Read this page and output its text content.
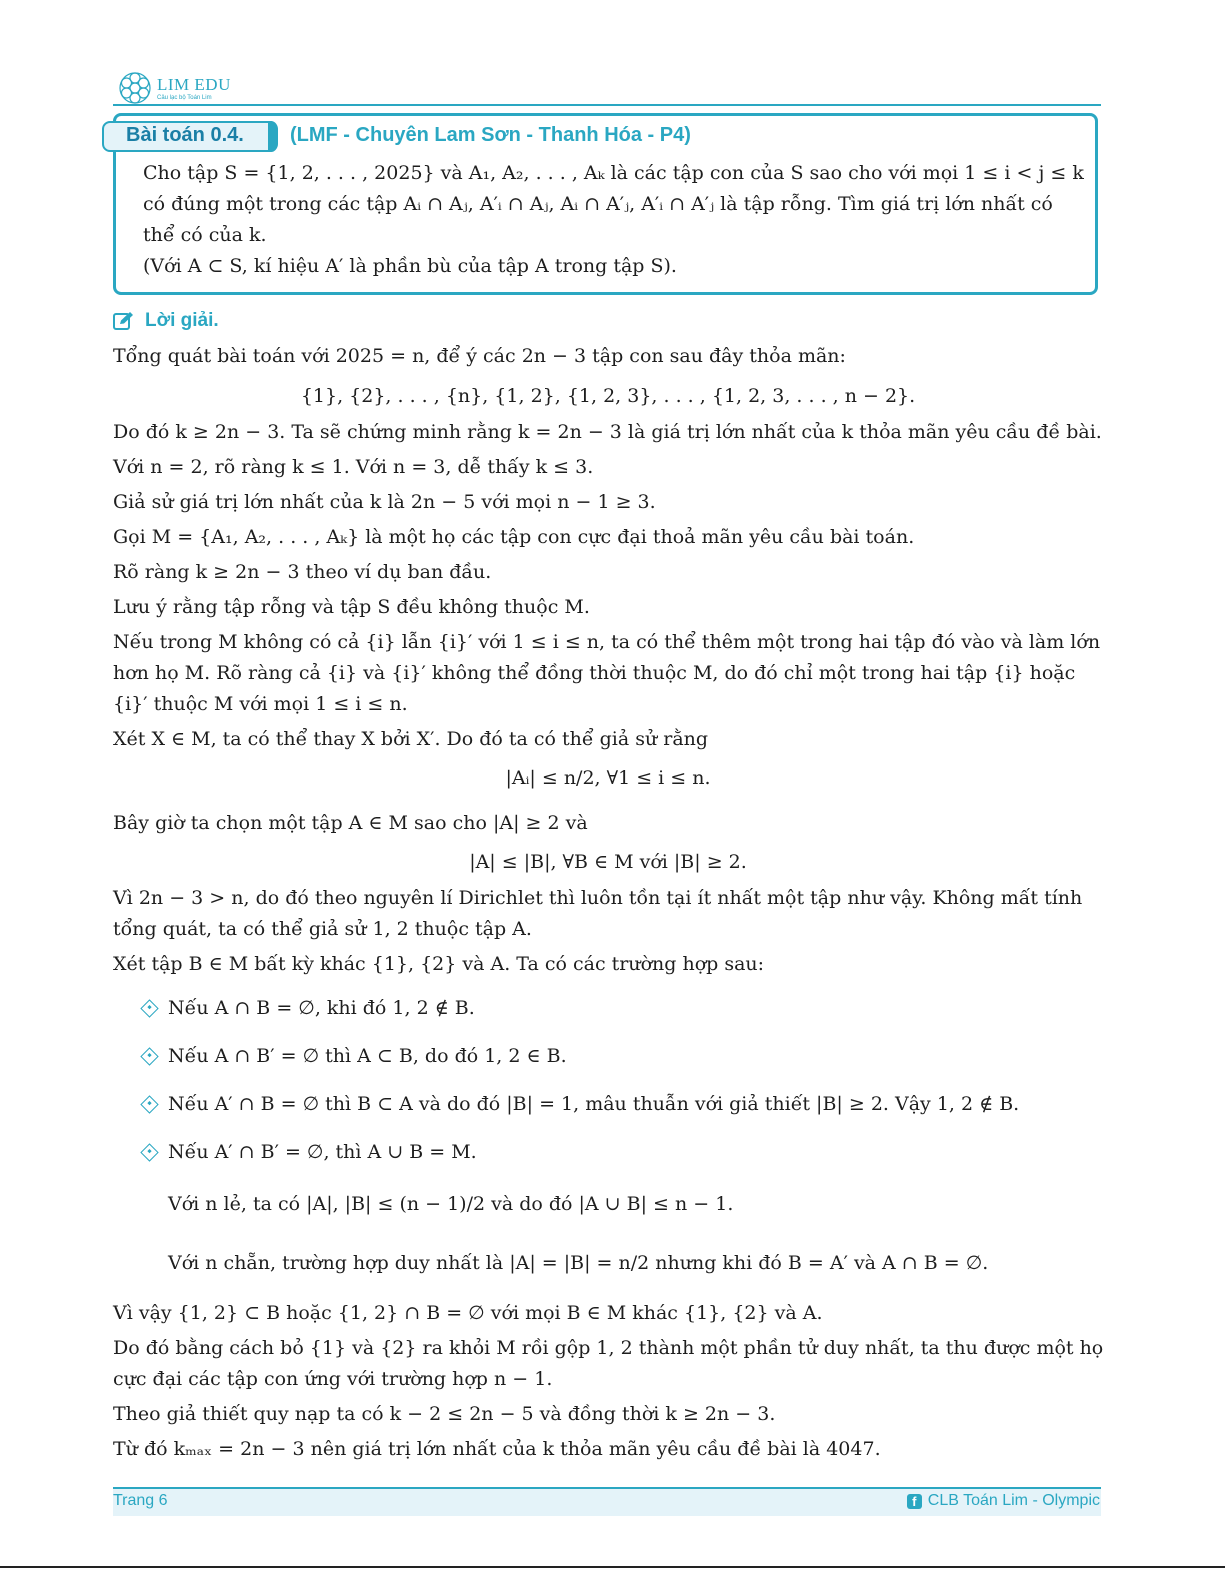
LIM EDU
Câu lạc bộ Toán Lim
Bài toán 0.4. (LMF - Chuyên Lam Sơn - Thanh Hóa - P4)
Cho tập S = {1, 2, . . . , 2025} và A₁, A₂, . . . , Aₖ là các tập con của S sao cho với mọi 1 ≤ i < j ≤ k
có đúng một trong các tập Aᵢ ∩ Aⱼ, A′ᵢ ∩ Aⱼ, Aᵢ ∩ A′ⱼ, A′ᵢ ∩ A′ⱼ là tập rỗng. Tìm giá trị lớn nhất có
thể có của k.
(Với A ⊂ S, kí hiệu A′ là phần bù của tập A trong tập S).
Lời giải.
Tổng quát bài toán với 2025 = n, để ý các 2n − 3 tập con sau đây thỏa mãn:
{1}, {2}, . . . , {n}, {1, 2}, {1, 2, 3}, . . . , {1, 2, 3, . . . , n − 2}.
Do đó k ≥ 2n − 3. Ta sẽ chứng minh rằng k = 2n − 3 là giá trị lớn nhất của k thỏa mãn yêu cầu đề bài.
Với n = 2, rõ ràng k ≤ 1. Với n = 3, dễ thấy k ≤ 3.
Giả sử giá trị lớn nhất của k là 2n − 5 với mọi n − 1 ≥ 3.
Gọi M = {A₁, A₂, . . . , Aₖ} là một họ các tập con cực đại thoả mãn yêu cầu bài toán.
Rõ ràng k ≥ 2n − 3 theo ví dụ ban đầu.
Lưu ý rằng tập rỗng và tập S đều không thuộc M.
Nếu trong M không có cả {i} lẫn {i}′ với 1 ≤ i ≤ n, ta có thể thêm một trong hai tập đó vào và làm lớn
hơn họ M. Rõ ràng cả {i} và {i}′ không thể đồng thời thuộc M, do đó chỉ một trong hai tập {i} hoặc
{i}′ thuộc M với mọi 1 ≤ i ≤ n.
Xét X ∈ M, ta có thể thay X bởi X′. Do đó ta có thể giả sử rằng
|Aᵢ| ≤ n/2, ∀1 ≤ i ≤ n.
Bây giờ ta chọn một tập A ∈ M sao cho |A| ≥ 2 và
|A| ≤ |B|, ∀B ∈ M với |B| ≥ 2.
Vì 2n − 3 > n, do đó theo nguyên lí Dirichlet thì luôn tồn tại ít nhất một tập như vậy. Không mất tính
tổng quát, ta có thể giả sử 1, 2 thuộc tập A.
Xét tập B ∈ M bất kỳ khác {1}, {2} và A. Ta có các trường hợp sau:
Nếu A ∩ B = ∅, khi đó 1, 2 ∉ B.
Nếu A ∩ B′ = ∅ thì A ⊂ B, do đó 1, 2 ∈ B.
Nếu A′ ∩ B = ∅ thì B ⊂ A và do đó |B| = 1, mâu thuẫn với giả thiết |B| ≥ 2. Vậy 1, 2 ∉ B.
Nếu A′ ∩ B′ = ∅, thì A ∪ B = M.
Với n lẻ, ta có |A|, |B| ≤ (n − 1)/2 và do đó |A ∪ B| ≤ n − 1.
Với n chẵn, trường hợp duy nhất là |A| = |B| = n/2 nhưng khi đó B = A′ và A ∩ B = ∅.
Vì vậy {1, 2} ⊂ B hoặc {1, 2} ∩ B = ∅ với mọi B ∈ M khác {1}, {2} và A.
Do đó bằng cách bỏ {1} và {2} ra khỏi M rồi gộp 1, 2 thành một phần tử duy nhất, ta thu được một họ
cực đại các tập con ứng với trường hợp n − 1.
Theo giả thiết quy nạp ta có k − 2 ≤ 2n − 5 và đồng thời k ≥ 2n − 3.
Từ đó kₘₐₓ = 2n − 3 nên giá trị lớn nhất của k thỏa mãn yêu cầu đề bài là 4047.
Trang 6	f CLB Toán Lim - Olympic
